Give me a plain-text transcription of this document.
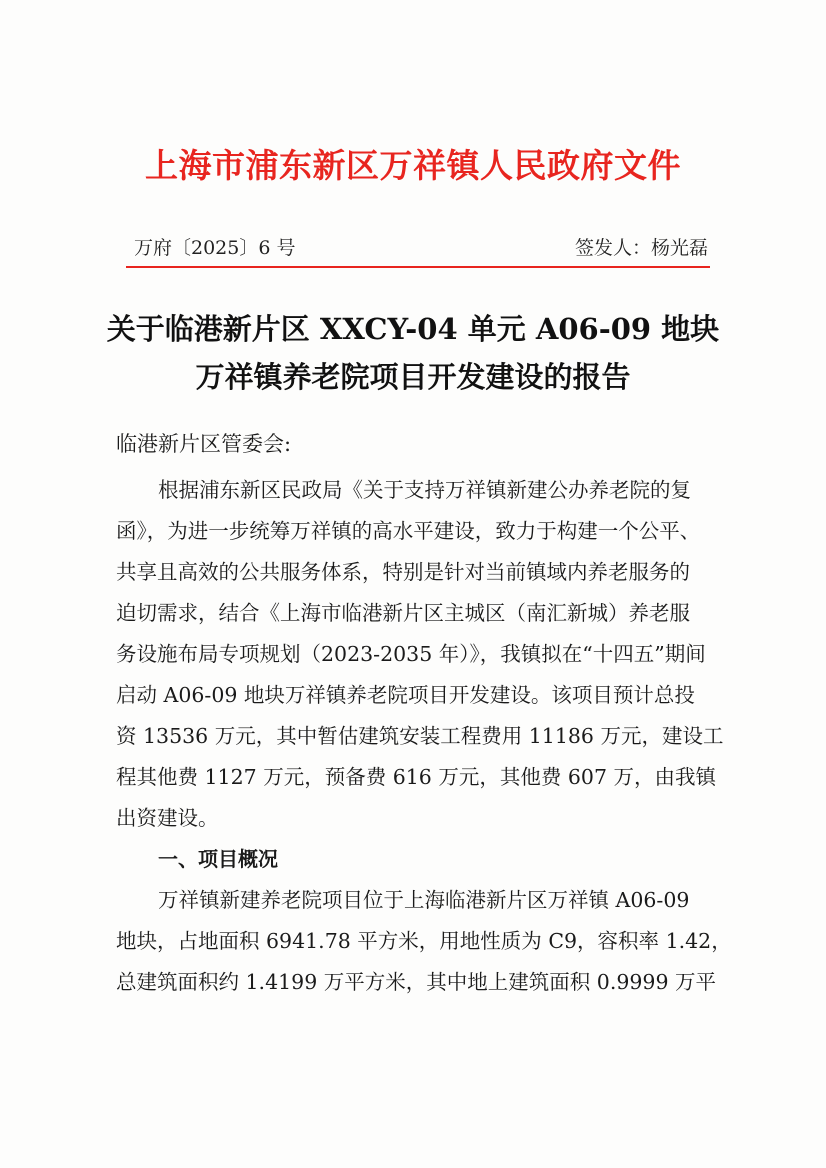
上海市浦东新区万祥镇人民政府文件
万府〔2025〕6 号	签发人：杨光磊
关于临港新片区 XXCY-04 单元 A06-09 地块
万祥镇养老院项目开发建设的报告
临港新片区管委会:

根据浦东新区民政局《关于支持万祥镇新建公办养老院的复
函》，为进一步统筹万祥镇的高水平建设，致力于构建一个公平、
共享且高效的公共服务体系，特别是针对当前镇域内养老服务的
迫切需求，结合《上海市临港新片区主城区（南汇新城）养老服
务设施布局专项规划（2023-2035 年）》，我镇拟在“十四五”期间
启动 A06-09 地块万祥镇养老院项目开发建设。该项目预计总投
资 13536 万元，其中暂估建筑安装工程费用 11186 万元，建设工
程其他费 1127 万元，预备费 616 万元，其他费 607 万，由我镇
出资建设。

一、项目概况

万祥镇新建养老院项目位于上海临港新片区万祥镇 A06-09
地块，占地面积 6941.78 平方米，用地性质为 C9，容积率 1.42，
总建筑面积约 1.4199 万平方米，其中地上建筑面积 0.9999 万平
